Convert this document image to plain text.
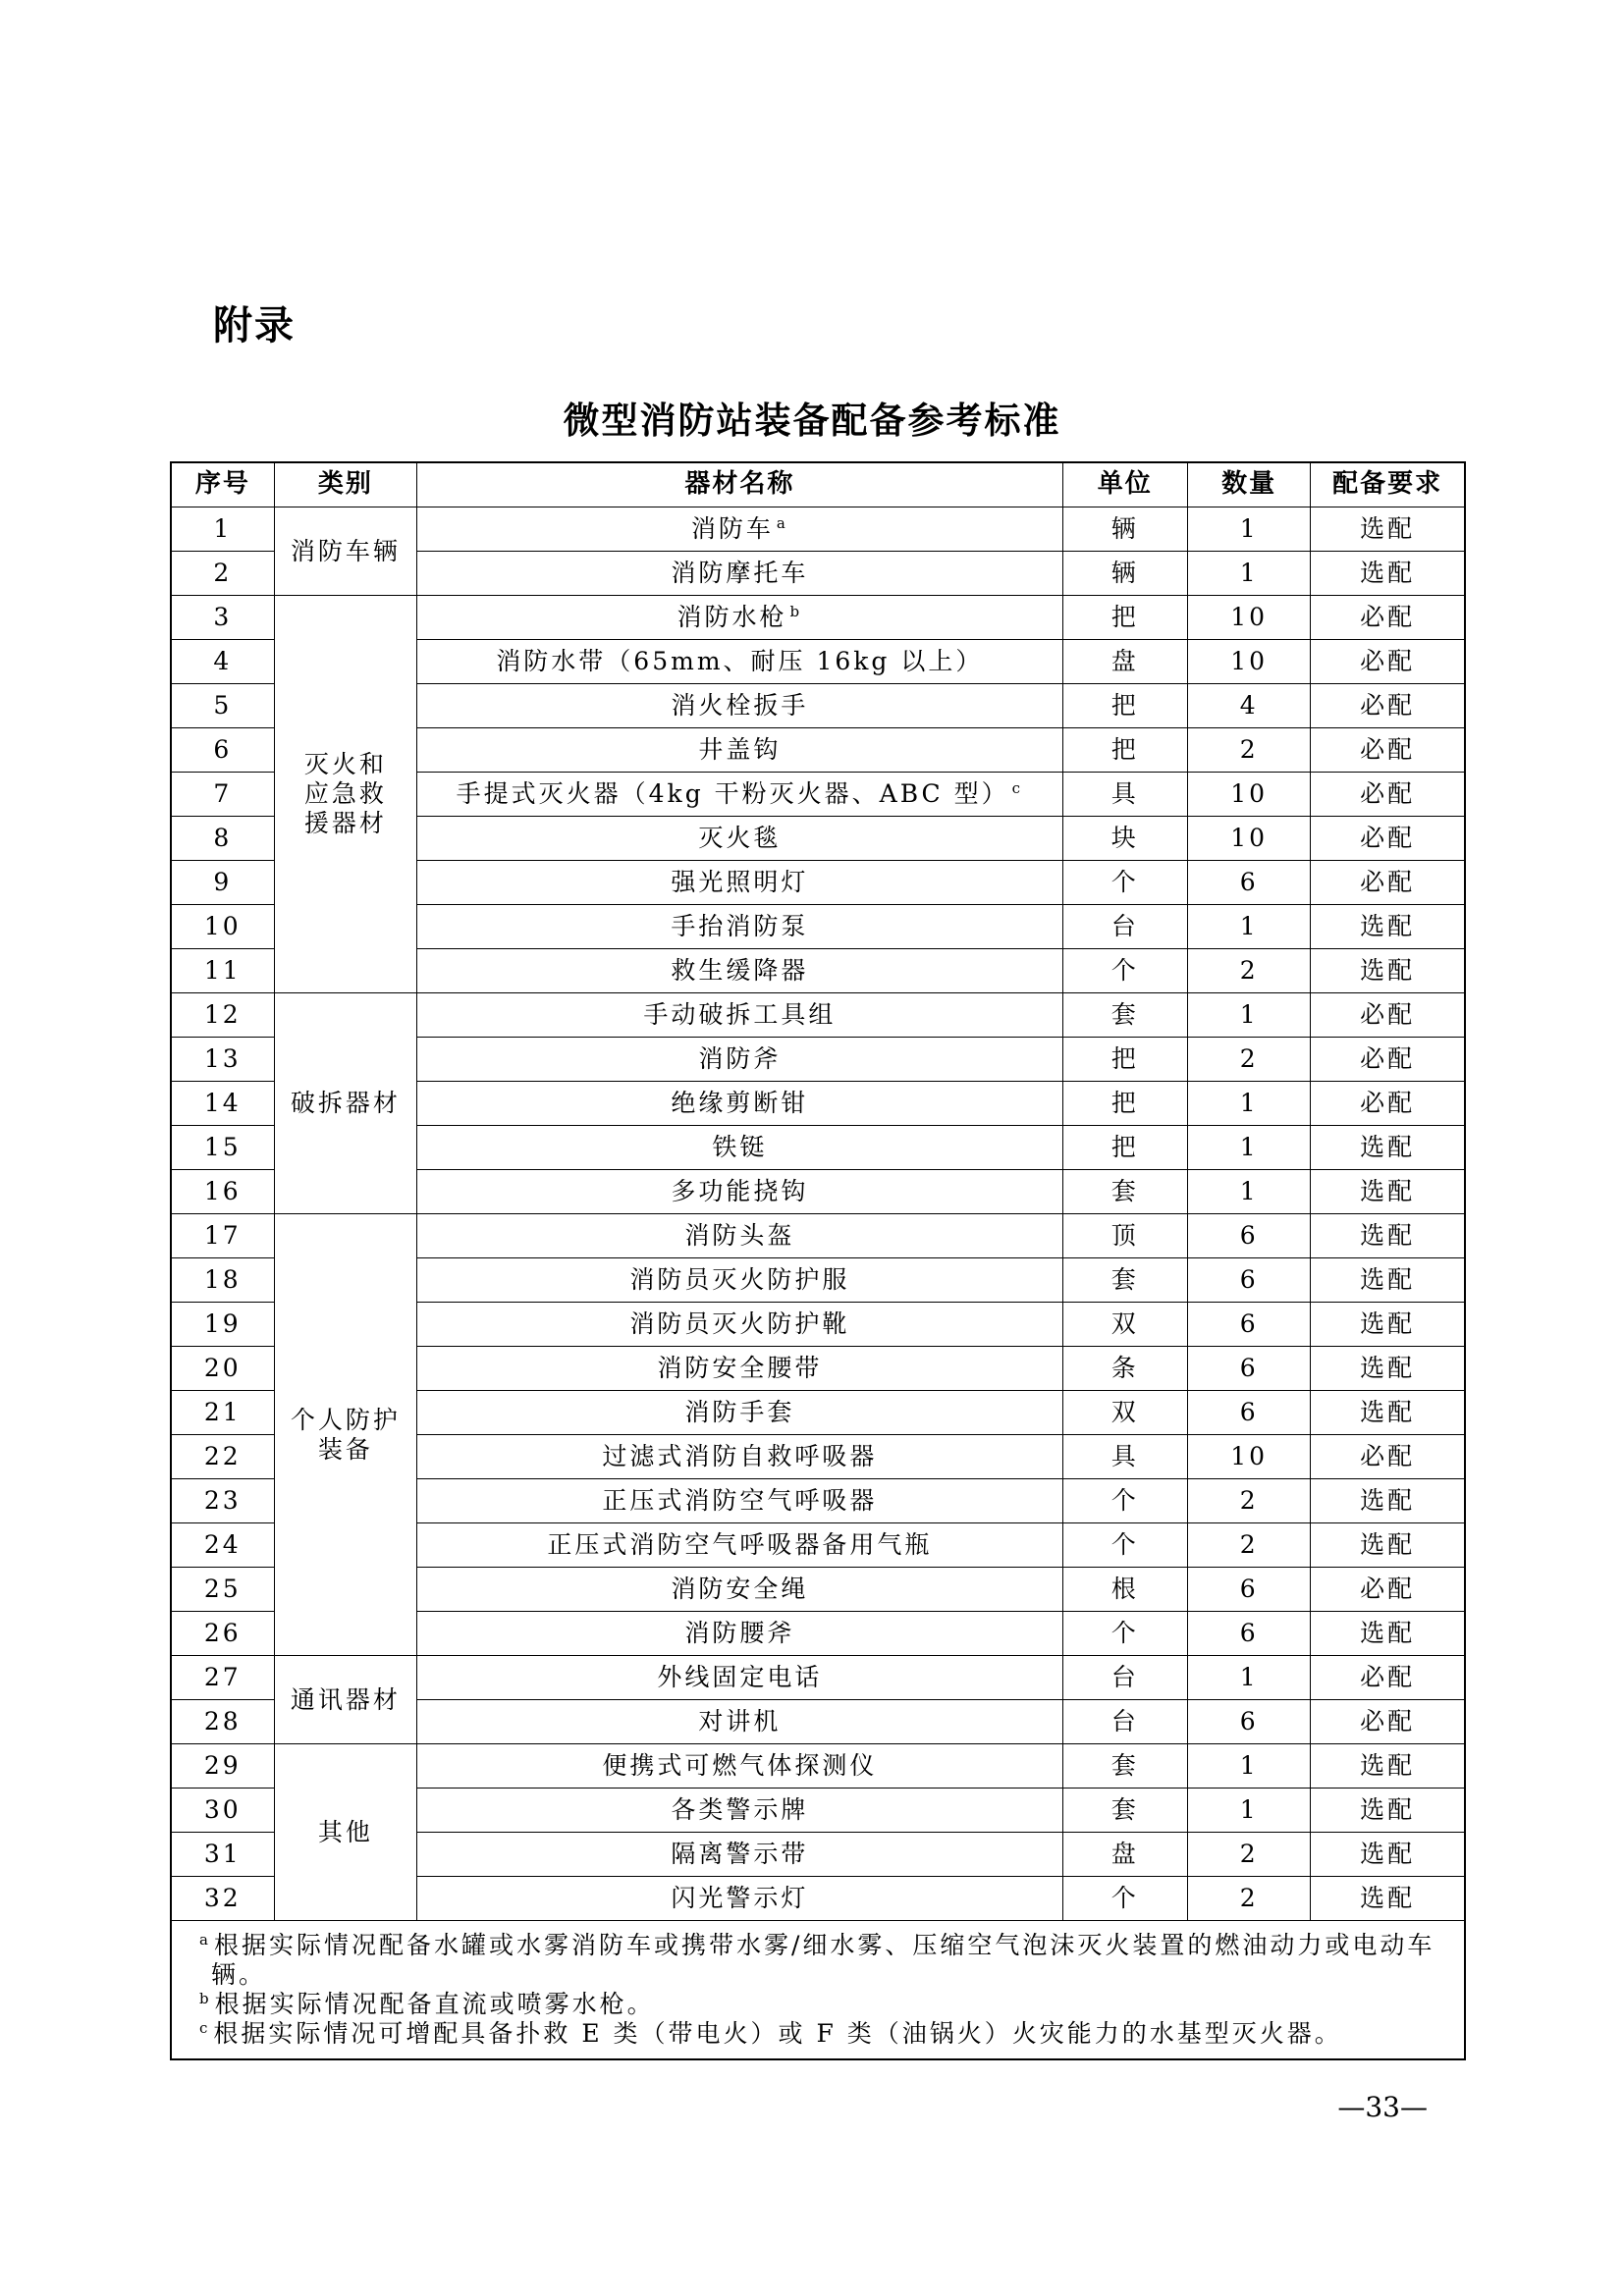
附录
微型消防站装备配备参考标准
序号	类别	器材名称	单位	数量	配备要求
1	消防车辆	消防车 $^a$	辆	1	选配
2		消防摩托车	辆	1	选配
3	灭火和应急救援器材	消防水枪 $^b$	把	10	必配
4		消防水带（65mm、耐压 16kg 以上）	盘	10	必配
5		消火栓扳手	把	4	必配
6		井盖钩	把	2	必配
7		手提式灭火器（4kg 干粉灭火器、ABC 型） $^c$	具	10	必配
8		灭火毯	块	10	必配
9		强光照明灯	个	6	必配
10		手抬消防泵	台	1	选配
11		救生缓降器	个	2	选配
12	破拆器材	手动破拆工具组	套	1	必配
13		消防斧	把	2	必配
14		绝缘剪断钳	把	1	必配
15		铁铤	把	1	选配
16		多功能挠钩	套	1	选配
17	个人防护装备	消防头盔	顶	6	选配
18		消防员灭火防护服	套	6	选配
19		消防员灭火防护靴	双	6	选配
20		消防安全腰带	条	6	选配
21		消防手套	双	6	选配
22		过滤式消防自救呼吸器	具	10	必配
23		正压式消防空气呼吸器	个	2	选配
24		正压式消防空气呼吸器备用气瓶	个	2	选配
25		消防安全绳	根	6	必配
26		消防腰斧	个	6	选配
27	通讯器材	外线固定电话	台	1	必配
28		对讲机	台	6	必配
29	其他	便携式可燃气体探测仪	套	1	选配
30		各类警示牌	套	1	选配
31		隔离警示带	盘	2	选配
32		闪光警示灯	个	2	选配

$^a$ 根据实际情况配备水罐或水雾消防车或携带水雾/细水雾、压缩空气泡沫灭火装置的燃油动力或电动车辆。
$^b$ 根据实际情况配备直流或喷雾水枪。
$^c$ 根据实际情况可增配具备扑救 E 类（带电火）或 F 类（油锅火）火灾能力的水基型灭火器。					
—33—
